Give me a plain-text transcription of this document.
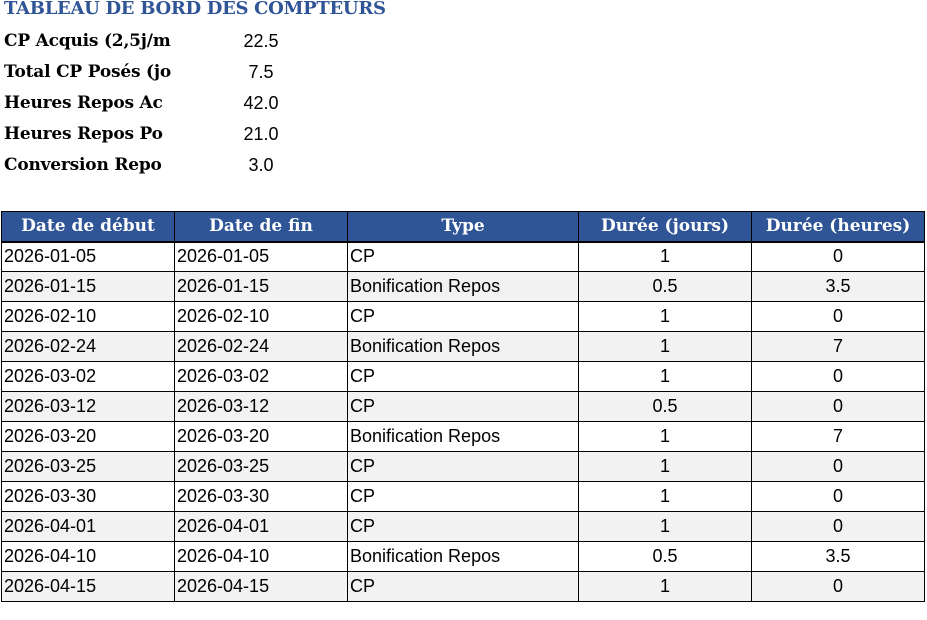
TABLEAU DE BORD DES COMPTEURS
CP Acquis (2,5j/m	22.5
Total CP Posés (jo	7.5
Heures Repos Ac	42.0
Heures Repos Po	21.0
Conversion Repo	3.0
Date de début	Date de fin	Type	Durée (jours)	Durée (heures)
2026-01-05	2026-01-05	CP	1	0
2026-01-15	2026-01-15	Bonification Repos	0.5	3.5
2026-02-10	2026-02-10	CP	1	0
2026-02-24	2026-02-24	Bonification Repos	1	7
2026-03-02	2026-03-02	CP	1	0
2026-03-12	2026-03-12	CP	0.5	0
2026-03-20	2026-03-20	Bonification Repos	1	7
2026-03-25	2026-03-25	CP	1	0
2026-03-30	2026-03-30	CP	1	0
2026-04-01	2026-04-01	CP	1	0
2026-04-10	2026-04-10	Bonification Repos	0.5	3.5
2026-04-15	2026-04-15	CP	1	0
